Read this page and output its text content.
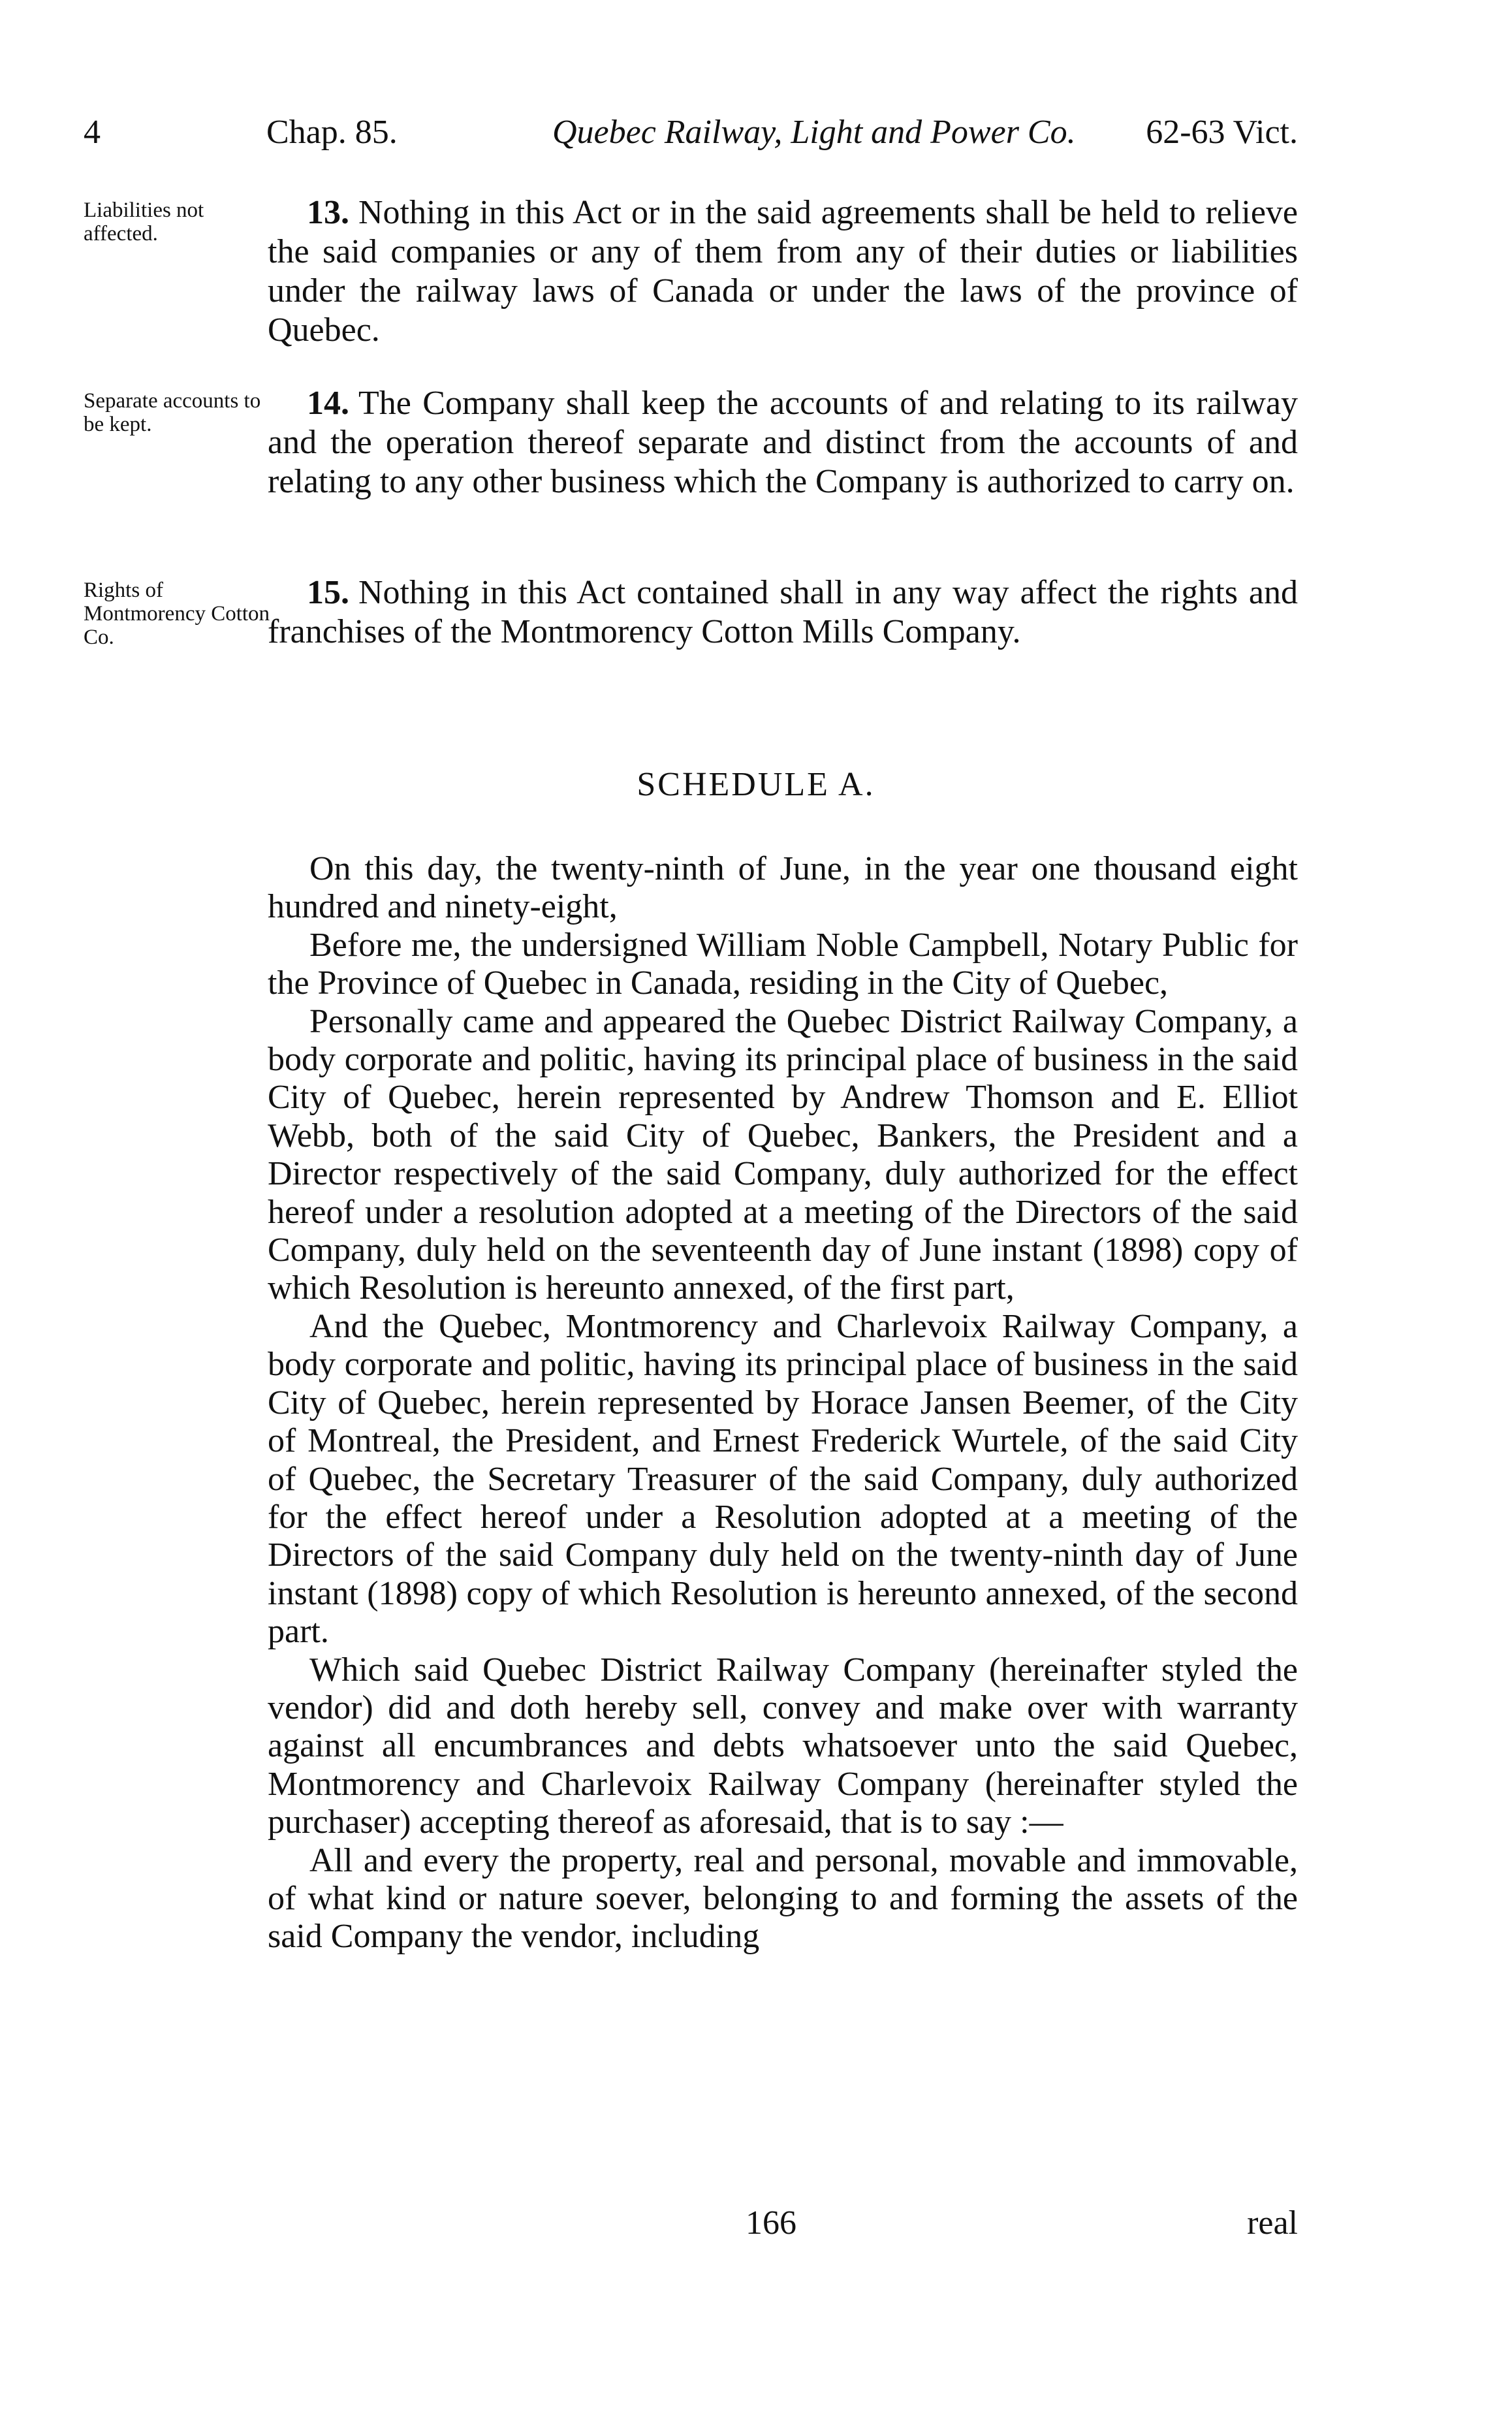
4	Chap. 85.	Quebec Railway, Light and Power Co. 62-63 Vict.
Liabilities not affected.
13. Nothing in this Act or in the said agreements shall be held to relieve the said companies or any of them from any of their duties or liabilities under the railway laws of Canada or under the laws of the province of Quebec.
Separate accounts to be kept.
14. The Company shall keep the accounts of and relating to its railway and the operation thereof separate and distinct from the accounts of and relating to any other business which the Company is authorized to carry on.
Rights of Montmorency Cotton Co.
15. Nothing in this Act contained shall in any way affect the rights and franchises of the Montmorency Cotton Mills Company.
SCHEDULE A.

On this day, the twenty-ninth of June, in the year one thousand eight hundred and ninety-eight,

Before me, the undersigned William Noble Campbell, Notary Public for the Province of Quebec in Canada, residing in the City of Quebec,

Personally came and appeared the Quebec District Railway Company, a body corporate and politic, having its principal place of business in the said City of Quebec, herein represented by Andrew Thomson and E. Elliot Webb, both of the said City of Quebec, Bankers, the President and a Director respectively of the said Company, duly authorized for the effect hereof under a resolution adopted at a meeting of the Directors of the said Company, duly held on the seventeenth day of June instant (1898) copy of which Resolution is hereunto annexed, of the first part,

And the Quebec, Montmorency and Charlevoix Railway Company, a body corporate and politic, having its principal place of business in the said City of Quebec, herein represented by Horace Jansen Beemer, of the City of Montreal, the President, and Ernest Frederick Wurtele, of the said City of Quebec, the Secretary Treasurer of the said Company, duly authorized for the effect hereof under a Resolution adopted at a meeting of the Directors of the said Company duly held on the twenty-ninth day of June instant (1898) copy of which Resolution is hereunto annexed, of the second part.

Which said Quebec District Railway Company (hereinafter styled the vendor) did and doth hereby sell, convey and make over with warranty against all encumbrances and debts whatsoever unto the said Quebec, Montmorency and Charlevoix Railway Company (hereinafter styled the purchaser) accepting thereof as aforesaid, that is to say :—

All and every the property, real and personal, movable and immovable, of what kind or nature soever, belonging to and forming the assets of the said Company the vendor, including

166	real
